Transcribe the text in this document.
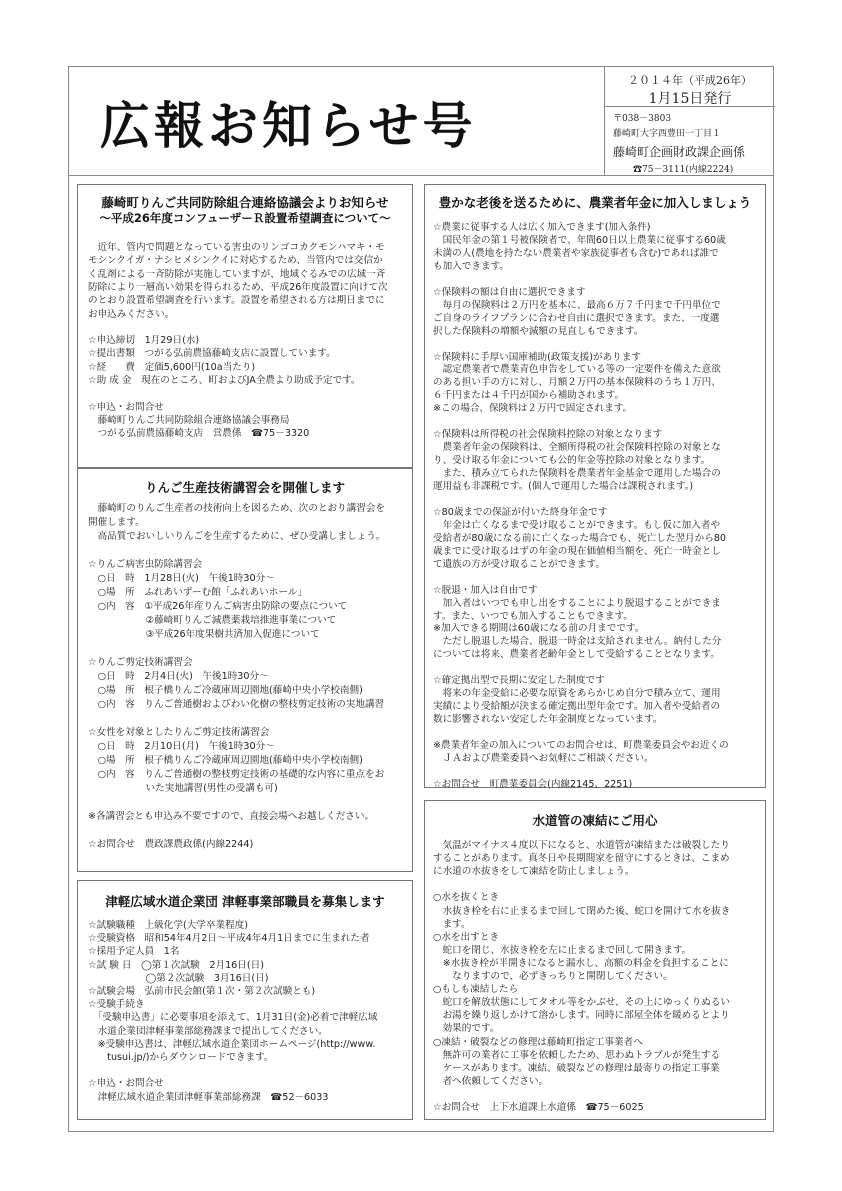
広報お知らせ号
２０１４年（平成26年）
1月15日発行
〒038－3803
藤崎町大字西豊田一丁目１
藤崎町企画財政課企画係
☎75－3111(内線2224)
藤崎町りんご共同防除組合連絡協議会よりお知らせ
～平成26年度コンフューザーＲ設置希望調査について～
　近年、管内で問題となっている害虫のリンゴコカクモンハマキ・モ
モシンクイガ・ナシヒメシンクイに対応するため、当管内では交信か
く乱剤による一斉防除が実施していますが、地域ぐるみでの広域一斉
防除により一層高い効果を得られるため、平成26年度設置に向けて次
のとおり設置希望調査を行います。設置を希望される方は期日までに
お申込みください。
☆申込締切　1月29日(水)
☆提出書類　つがる弘前農協藤崎支店に設置しています。
☆経　　費　定価5,600円(10a当たり)
☆助 成 金　現在のところ、町およびJA全農より助成予定です。
☆申込・お問合せ
　藤崎町りんご共同防除組合連絡協議会事務局
　つがる弘前農協藤崎支店　営農係　☎75－3320
りんご生産技術講習会を開催します
　藤崎町のりんご生産者の技術向上を図るため、次のとおり講習会を
開催します。
　高品質でおいしいりんごを生産するために、ぜひ受講しましょう。
☆りんご病害虫防除講習会
　○日　時　1月28日(火)　午後1時30分～
　○場　所　ふれあいずーむ館「ふれあいホール」
　○内　容　①平成26年産りんご病害虫防除の要点について
　　　　　　②藤崎町りんご減農薬栽培推進事業について
　　　　　　③平成26年度果樹共済加入促進について
☆りんご剪定技術講習会
　○日　時　2月4日(火)　午後1時30分～
　○場　所　根子橋りんご冷蔵庫周辺園地(藤崎中央小学校南側)
　○内　容　りんご普通樹およびわい化樹の整枝剪定技術の実地講習
☆女性を対象としたりんご剪定技術講習会
　○日　時　2月10日(月)　午後1時30分～
　○場　所　根子橋りんご冷蔵庫周辺園地(藤崎中央小学校南側)
　○内　容　りんご普通樹の整枝剪定技術の基礎的な内容に重点をお
　　　　　　いた実地講習(男性の受講も可)
※各講習会とも申込み不要ですので、直接会場へお越しください。
☆お問合せ　農政課農政係(内線2244)
津軽広域水道企業団 津軽事業部職員を募集します
☆試験職種　上級化学(大学卒業程度)
☆受験資格　昭和54年4月2日～平成4年4月1日までに生まれた者
☆採用予定人員　1名
☆試 験 日　◯第１次試験　2月16日(日)
　　　　　　◯第２次試験　3月16日(日)
☆試験会場　弘前市民会館(第１次・第２次試験とも)
☆受験手続き
　「受験申込書」に必要事項を添えて、1月31日(金)必着で津軽広域
　水道企業団津軽事業部総務課まで提出してください。
　※受験申込書は、津軽広域水道企業団ホームページ(http://www.
　　tusui.jp/)からダウンロードできます。
☆申込・お問合せ
　津軽広域水道企業団津軽事業部総務課　☎52－6033
豊かな老後を送るために、農業者年金に加入しましょう
☆農業に従事する人は広く加入できます(加入条件)
　国民年金の第１号被保険者で、年間60日以上農業に従事する60歳
未満の人(農地を持たない農業者や家族従事者も含む)であれば誰で
も加入できます。
☆保険料の額は自由に選択できます
　毎月の保険料は２万円を基本に、最高６万７千円まで千円単位で
ご自身のライフプランに合わせ自由に選択できます。また、一度選
択した保険料の増額や減額の見直しもできます。
☆保険料に手厚い国庫補助(政策支援)があります
　認定農業者で農業青色申告をしている等の一定要件を備えた意欲
のある担い手の方に対し、月額２万円の基本保険料のうち１万円、
６千円または４千円が国から補助されます。
※この場合、保険料は２万円で固定されます。
☆保険料は所得税の社会保険料控除の対象となります
　農業者年金の保険料は、全額所得税の社会保険料控除の対象とな
り、受け取る年金についても公的年金等控除の対象となります。
　また、積み立てられた保険料を農業者年金基金で運用した場合の
運用益も非課税です。(個人で運用した場合は課税されます。)
☆80歳までの保証が付いた終身年金です
　年金は亡くなるまで受け取ることができます。もし仮に加入者や
受給者が80歳になる前に亡くなった場合でも、死亡した翌月から80
歳までに受け取るはずの年金の現在価値相当額を、死亡一時金とし
て遺族の方が受け取ることができます。
☆脱退・加入は自由です
　加入者はいつでも申し出をすることにより脱退することができま
す。また、いつでも加入することもできます。
※加入できる期間は60歳になる前の月までです。
　ただし脱退した場合、脱退一時金は支給されません。納付した分
については将来、農業者老齢年金として受給することとなります。
☆確定拠出型で長期に安定した制度です
　将来の年金受給に必要な原資をあらかじめ自分で積み立て、運用
実績により受給額が決まる確定拠出型年金です。加入者や受給者の
数に影響されない安定した年金制度となっています。
※農業者年金の加入についてのお問合せは、町農業委員会やお近くの
　ＪＡおよび農業委員へお気軽にご相談ください。
☆お問合せ　町農業委員会(内線2145、2251)
水道管の凍結にご用心
　気温がマイナス４度以下になると、水道管が凍結または破裂したり
することがあります。真冬日や長期間家を留守にするときは、こまめ
に水道の水抜きをして凍結を防止しましょう。
○水を抜くとき
　水抜き栓を右に止まるまで回して閉めた後、蛇口を開けて水を抜き
　ます。
○水を出すとき
　蛇口を閉じ、水抜き栓を左に止まるまで回して開きます。
　※水抜き栓が半開きになると漏水し、高額の料金を負担することに
　　なりますので、必ずきっちりと開閉してください。
○もしも凍結したら
　蛇口を解放状態にしてタオル等をかぶせ、その上にゆっくりぬるい
　お湯を繰り返しかけて溶かします。同時に部屋全体を暖めるとより
　効果的です。
○凍結・破裂などの修理は藤崎町指定工事業者へ
　無許可の業者に工事を依頼したため、思わぬトラブルが発生する
　ケースがあります。凍結、破裂などの修理は最寄りの指定工事業
　者へ依頼してください。
☆お問合せ　上下水道課上水道係　☎75－6025
